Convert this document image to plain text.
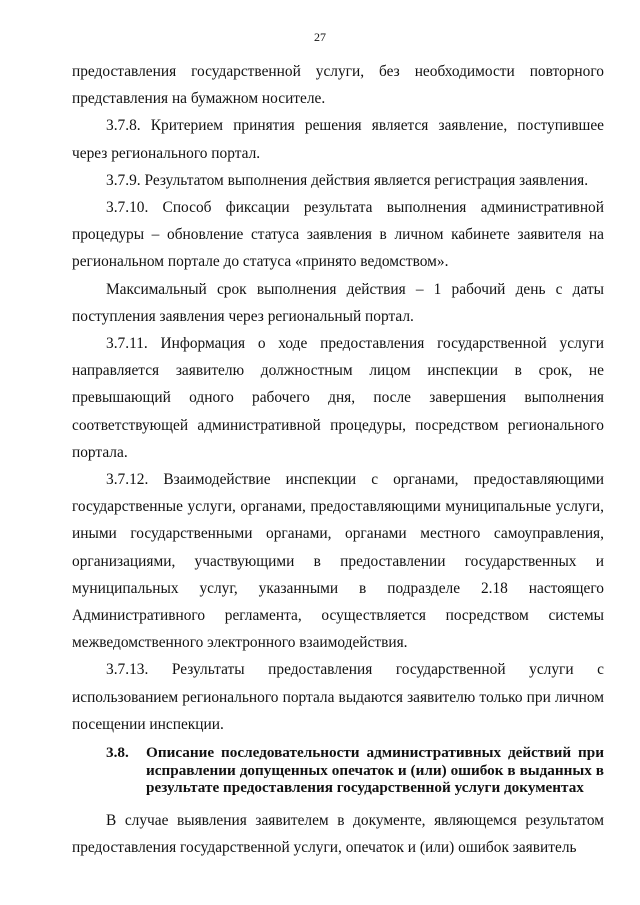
27

предоставления государственной услуги, без необходимости повторного представления на бумажном носителе.

3.7.8. Критерием принятия решения является заявление, поступившее через регионального портал.

3.7.9. Результатом выполнения действия является регистрация заявления.

3.7.10. Способ фиксации результата выполнения административной процедуры – обновление статуса заявления в личном кабинете заявителя на региональном портале до статуса «принято ведомством».

Максимальный срок выполнения действия – 1 рабочий день с даты поступления заявления через региональный портал.

3.7.11. Информация о ходе предоставления государственной услуги направляется заявителю должностным лицом инспекции в срок, не превышающий одного рабочего дня, после завершения выполнения соответствующей административной процедуры, посредством регионального портала.

3.7.12. Взаимодействие инспекции с органами, предоставляющими государственные услуги, органами, предоставляющими муниципальные услуги, иными государственными органами, органами местного самоуправления, организациями, участвующими в предоставлении государственных и муниципальных услуг, указанными в подразделе 2.18 настоящего Административного регламента, осуществляется посредством системы межведомственного электронного взаимодействия.

3.7.13. Результаты предоставления государственной услуги с использованием регионального портала выдаются заявителю только при личном посещении инспекции.

3.8.	Описание последовательности административных действий при исправлении допущенных опечаток и (или) ошибок в выданных в результате предоставления государственной услуги документах

В случае выявления заявителем в документе, являющемся результатом предоставления государственной услуги, опечаток и (или) ошибок заявитель
